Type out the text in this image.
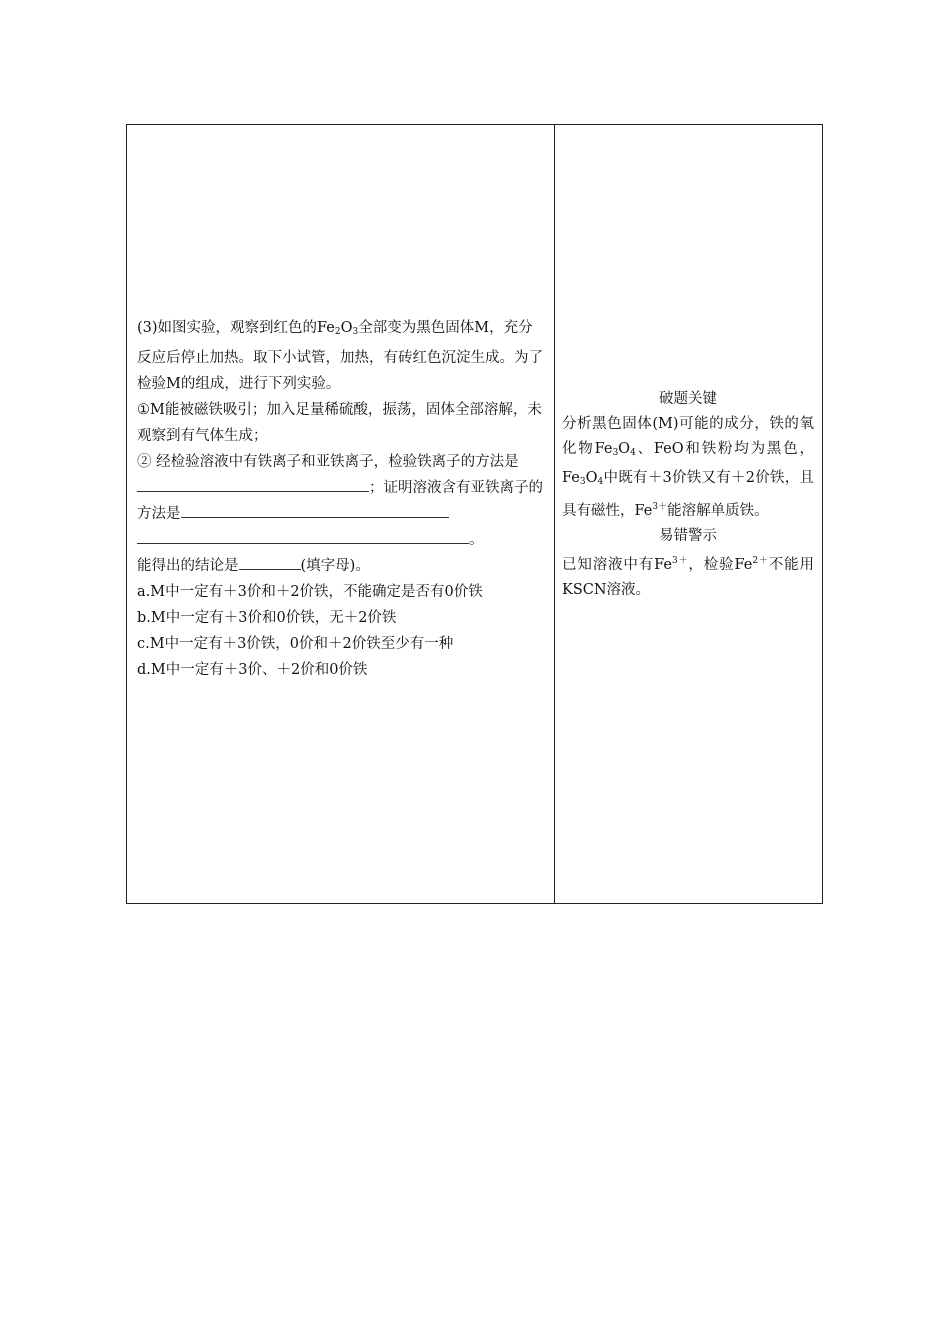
(3)如图实验，观察到红色的$Fe_2O_3$全部变为黑色固体M，充分反应后停止加热。取下小试管，加热，有砖红色沉淀生成。为了检验M的组成，进行下列实验。

①M能被磁铁吸引；加入足量稀硫酸，振荡，固体全部溶解，未观察到有气体生成；

② 经检验溶液中有铁离子和亚铁离子，检验铁离子的方法是；证明溶液含有亚铁离子的方法是
。

能得出的结论是	(填字母)。

a.M中一定有＋3价和＋2价铁，不能确定是否有0价铁

b.M中一定有＋3价和0价铁，无＋2价铁

c.M中一定有＋3价铁，0价和＋2价铁至少有一种

d.M中一定有＋3价、＋2价和0价铁

破题关键

分析黑色固体(M)可能的成分，铁的氧化物$Fe_3O_4$、FeO和铁粉均为黑色，$Fe_3O_4$中既有＋3价铁又有＋2价铁，且具有磁性，$Fe^{3+}$能溶解单质铁。

易错警示

已知溶液中有$Fe^{3+}$，检验$Fe^{2+}$不能用KSCN溶液。
